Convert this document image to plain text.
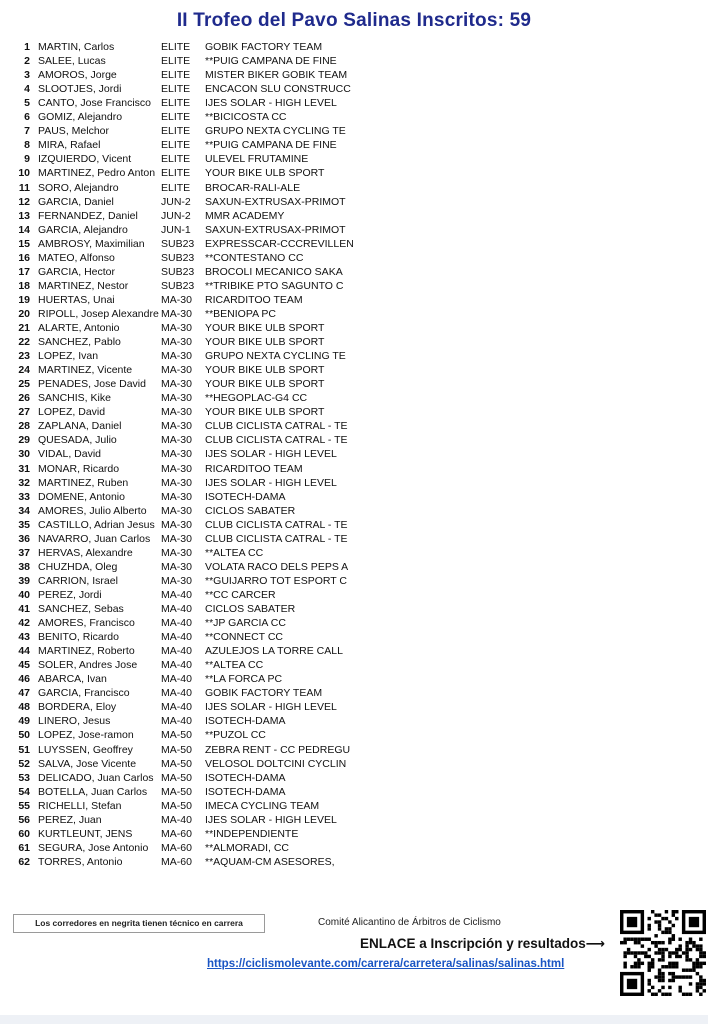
II Trofeo del Pavo Salinas Inscritos: 59
1 MARTIN, Carlos	ELITE	GOBIK FACTORY TEAM
2 SALEE, Lucas	ELITE	**PUIG CAMPANA DE FINE
3 AMOROS, Jorge	ELITE	MISTER BIKER GOBIK TEAM
4 SLOOTJES, Jordi	ELITE	ENCACON SLU CONSTRUCC
5 CANTO, Jose Francisco ELITE	IJES SOLAR - HIGH LEVEL
6 GOMIZ, Alejandro	ELITE	**BICICOSTA CC
7 PAUS, Melchor	ELITE	GRUPO NEXTA CYCLING TE
8 MIRA, Rafael	ELITE	**PUIG CAMPANA DE FINE
9 IZQUIERDO, Vicent	ELITE	ULEVEL FRUTAMINE
10 MARTINEZ, Pedro Anton ELITE	YOUR BIKE ULB SPORT
11 SORO, Alejandro	ELITE	BROCAR-RALI-ALE
12 GARCIA, Daniel	JUN-2	SAXUN-EXTRUSAX-PRIMOT
13 FERNANDEZ, Daniel	JUN-2	MMR ACADEMY
14 GARCIA, Alejandro	JUN-1	SAXUN-EXTRUSAX-PRIMOT
15 AMBROSY, Maximilian	SUB23	EXPRESSCAR-CCCREVILLEN
16 MATEO, Alfonso	SUB23	**CONTESTANO CC
17 GARCIA, Hector	SUB23	BROCOLI MECANICO SAKA
18 MARTINEZ, Nestor	SUB23	**TRIBIKE PTO SAGUNTO C
19 HUERTAS, Unai	MA-30	RICARDITOO TEAM
20 RIPOLL, Josep Alexandre MA-30	**BENIOPA PC
21 ALARTE, Antonio	MA-30	YOUR BIKE ULB SPORT
22 SANCHEZ, Pablo	MA-30	YOUR BIKE ULB SPORT
23 LOPEZ, Ivan	MA-30	GRUPO NEXTA CYCLING TE
24 MARTINEZ, Vicente	MA-30	YOUR BIKE ULB SPORT
25 PENADES, Jose David	MA-30	YOUR BIKE ULB SPORT
26 SANCHIS, Kike	MA-30	**HEGOPLAC-G4 CC
27 LOPEZ, David	MA-30	YOUR BIKE ULB SPORT
28 ZAPLANA, Daniel	MA-30	CLUB CICLISTA CATRAL - TE
29 QUESADA, Julio	MA-30	CLUB CICLISTA CATRAL - TE
30 VIDAL, David	MA-30	IJES SOLAR - HIGH LEVEL
31 MONAR, Ricardo	MA-30	RICARDITOO TEAM
32 MARTINEZ, Ruben	MA-30	IJES SOLAR - HIGH LEVEL
33 DOMENE, Antonio	MA-30	ISOTECH-DAMA
34 AMORES, Julio Alberto	MA-30	CICLOS SABATER
35 CASTILLO, Adrian Jesus MA-30	CLUB CICLISTA CATRAL - TE
36 NAVARRO, Juan Carlos	MA-30	CLUB CICLISTA CATRAL - TE
37 HERVAS, Alexandre	MA-30	**ALTEA CC
38 CHUZHDA, Oleg	MA-30	VOLATA RACO DELS PEPS A
39 CARRION, Israel	MA-30	**GUIJARRO TOT ESPORT C
40 PEREZ, Jordi	MA-40	**CC CARCER
41 SANCHEZ, Sebas	MA-40	CICLOS SABATER
42 AMORES, Francisco	MA-40	**JP GARCIA CC
43 BENITO, Ricardo	MA-40	**CONNECT CC
44 MARTINEZ, Roberto	MA-40	AZULEJOS LA TORRE CALL
45 SOLER, Andres Jose	MA-40	**ALTEA CC
46 ABARCA, Ivan	MA-40	**LA FORCA PC
47 GARCIA, Francisco	MA-40	GOBIK FACTORY TEAM
48 BORDERA, Eloy	MA-40	IJES SOLAR - HIGH LEVEL
49 LINERO, Jesus	MA-40	ISOTECH-DAMA
50 LOPEZ, Jose-ramon	MA-50	**PUZOL CC
51 LUYSSEN, Geoffrey	MA-50	ZEBRA RENT - CC PEDREGU
52 SALVA, Jose Vicente	MA-50	VELOSOL DOLTCINI CYCLIN
53 DELICADO, Juan Carlos MA-50	ISOTECH-DAMA
54 BOTELLA, Juan Carlos	MA-50	ISOTECH-DAMA
55 RICHELLI, Stefan	MA-50	IMECA CYCLING TEAM
56 PEREZ, Juan	MA-40	IJES SOLAR - HIGH LEVEL
60 KURTLEUNT, JENS	MA-60	**INDEPENDIENTE
61 SEGURA, Jose Antonio	MA-60	**ALMORADI, CC
62 TORRES, Antonio	MA-60	**AQUAM-CM ASESORES,
Los corredores en negrita tienen técnico en carrera	Comité Alicantino de Árbitros de Ciclismo
ENLACE a Inscripción y resultados⟶
https://ciclismolevante.com/carrera/carretera/salinas/salinas.html
